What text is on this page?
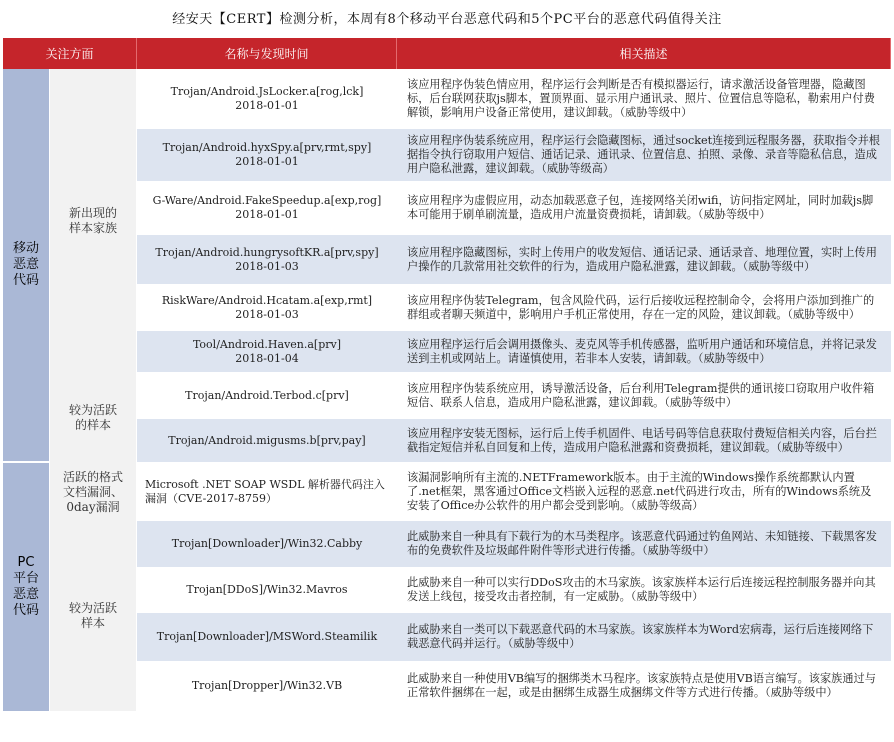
经安天【CERT】检测分析，本周有8个移动平台恶意代码和5个PC平台的恶意代码值得关注
关注方面	名称与发现时间	相关描述
移动
恶意
代码
新出现的
样本家族
较为活跃
的样本
Trojan/Android.JsLocker.a[rog,lck]
2018-01-01
该应用程序伪装色情应用，程序运行会判断是否有模拟器运行，请求激活设备管理器，隐藏图标，后台联网获取js脚本，置顶界面、显示用户通讯录、照片、位置信息等隐私，勒索用户付费解锁，影响用户设备正常使用，建议卸载。（威胁等级中）
Trojan/Android.hyxSpy.a[prv,rmt,spy]
2018-01-01
该应用程序伪装系统应用，程序运行会隐藏图标，通过socket连接到远程服务器，获取指令并根据指令执行窃取用户短信、通话记录、通讯录、位置信息、拍照、录像、录音等隐私信息，造成用户隐私泄露，建议卸载。（威胁等级高）
G-Ware/Android.FakeSpeedup.a[exp,rog]
2018-01-01
该应用程序为虚假应用，动态加载恶意子包，连接网络关闭wifi，访问指定网址，同时加载js脚本可能用于刷单刷流量，造成用户流量资费损耗，请卸载。（威胁等级中）
Trojan/Android.hungrysoftKR.a[prv,spy]
2018-01-03
该应用程序隐藏图标，实时上传用户的收发短信、通话记录、通话录音、地理位置，实时上传用户操作的几款常用社交软件的行为，造成用户隐私泄露，建议卸载。（威胁等级中）
RiskWare/Android.Hcatam.a[exp,rmt]
2018-01-03
该应用程序伪装Telegram，包含风险代码，运行后接收远程控制命令，会将用户添加到推广的群组或者聊天频道中，影响用户手机正常使用，存在一定的风险，建议卸载。（威胁等级中）
Tool/Android.Haven.a[prv]
2018-01-04
该应用程序运行后会调用摄像头、麦克风等手机传感器，监听用户通话和环境信息，并将记录发送到主机或网站上。请谨慎使用，若非本人安装，请卸载。（威胁等级中）
Trojan/Android.Terbod.c[prv]
该应用程序伪装系统应用，诱导激活设备，后台利用Telegram提供的通讯接口窃取用户收件箱短信、联系人信息，造成用户隐私泄露，建议卸载。（威胁等级中）
Trojan/Android.migusms.b[prv,pay]
该应用程序安装无图标，运行后上传手机固件、电话号码等信息获取付费短信相关内容，后台拦截指定短信并私自回复和上传，造成用户隐私泄露和资费损耗，建议卸载。（威胁等级中）
PC
平台
恶意
代码
活跃的格式
文档漏洞、
0day漏洞
较为活跃
样本
Microsoft .NET SOAP WSDL 解析器代码注入 漏洞（CVE-2017-8759）
该漏洞影响所有主流的.NETFramework版本。由于主流的Windows操作系统都默认内置了.net框架，黑客通过Office文档嵌入远程的恶意.net代码进行攻击，所有的Windows系统及安装了Office办公软件的用户都会受到影响。（威胁等级高）
Trojan[Downloader]/Win32.Cabby
此威胁来自一种具有下载行为的木马类程序。该恶意代码通过钓鱼网站、未知链接、下载黑客发布的免费软件及垃圾邮件附件等形式进行传播。（威胁等级中）
Trojan[DDoS]/Win32.Mavros
此威胁来自一种可以实行DDoS攻击的木马家族。该家族样本运行后连接远程控制服务器并向其发送上线包，接受攻击者控制，有一定威胁。（威胁等级中）
Trojan[Downloader]/MSWord.Steamilik
此威胁来自一类可以下载恶意代码的木马家族。该家族样本为Word宏病毒，运行后连接网络下载恶意代码并运行。（威胁等级中）
Trojan[Dropper]/Win32.VB
此威胁来自一种使用VB编写的捆绑类木马程序。该家族特点是使用VB语言编写。该家族通过与正常软件捆绑在一起，或是由捆绑生成器生成捆绑文件等方式进行传播。（威胁等级中）
